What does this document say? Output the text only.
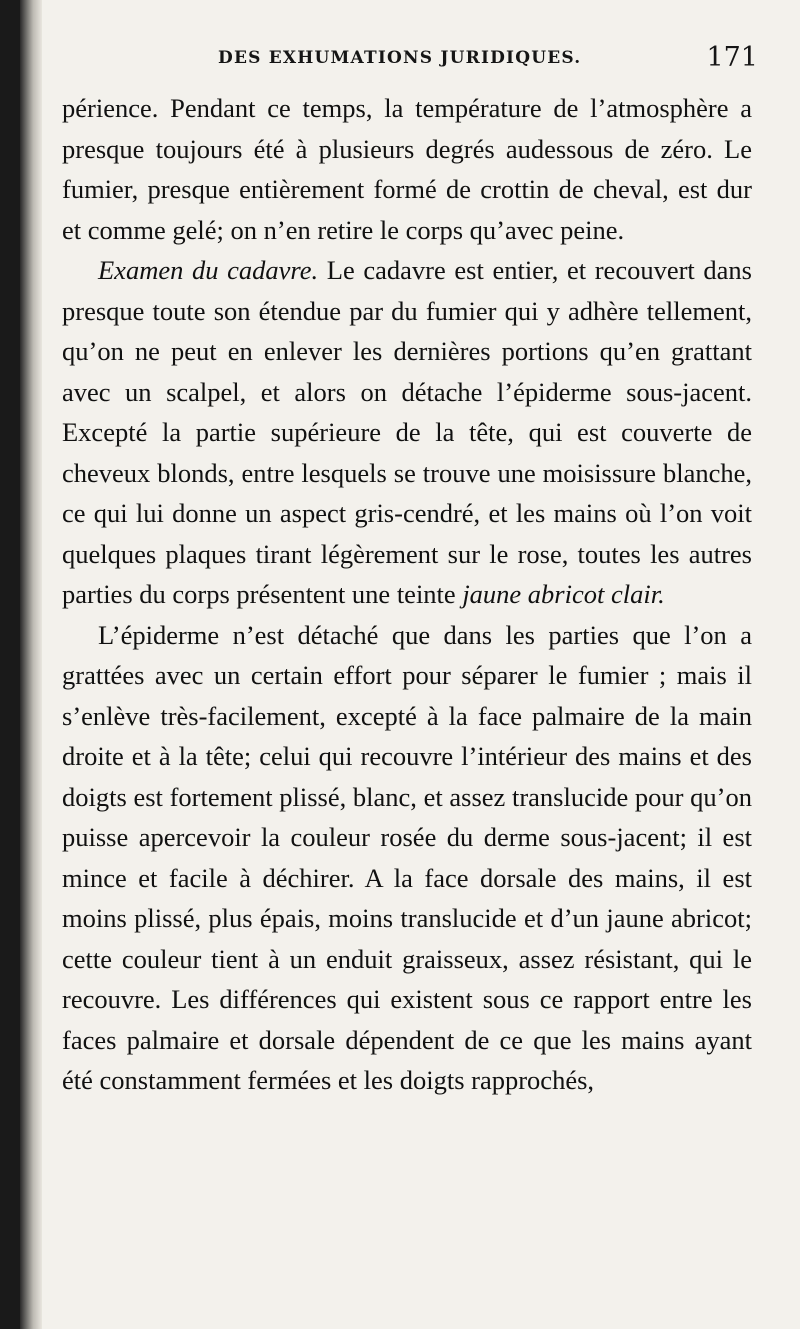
DES EXHUMATIONS JURIDIQUES.	171

périence. Pendant ce temps, la température de l’atmosphère a presque toujours été à plusieurs degrés audessous de zéro. Le fumier, presque entièrement formé de crottin de cheval, est dur et comme gelé; on n’en retire le corps qu’avec peine.

Examen du cadavre. Le cadavre est entier, et recouvert dans presque toute son étendue par du fumier qui y adhère tellement, qu’on ne peut en enlever les dernières portions qu’en grattant avec un scalpel, et alors on détache l’épiderme sous-jacent. Excepté la partie supérieure de la tête, qui est couverte de cheveux blonds, entre lesquels se trouve une moisissure blanche, ce qui lui donne un aspect gris-cendré, et les mains où l’on voit quelques plaques tirant légèrement sur le rose, toutes les autres parties du corps présentent une teinte jaune abricot clair.

L’épiderme n’est détaché que dans les parties que l’on a grattées avec un certain effort pour séparer le fumier ; mais il s’enlève très-facilement, excepté à la face palmaire de la main droite et à la tête; celui qui recouvre l’intérieur des mains et des doigts est fortement plissé, blanc, et assez translucide pour qu’on puisse apercevoir la couleur rosée du derme sous-jacent; il est mince et facile à déchirer. A la face dorsale des mains, il est moins plissé, plus épais, moins translucide et d’un jaune abricot; cette couleur tient à un enduit graisseux, assez résistant, qui le recouvre. Les différences qui existent sous ce rapport entre les faces palmaire et dorsale dépendent de ce que les mains ayant été constamment fermées et les doigts rapprochés,
